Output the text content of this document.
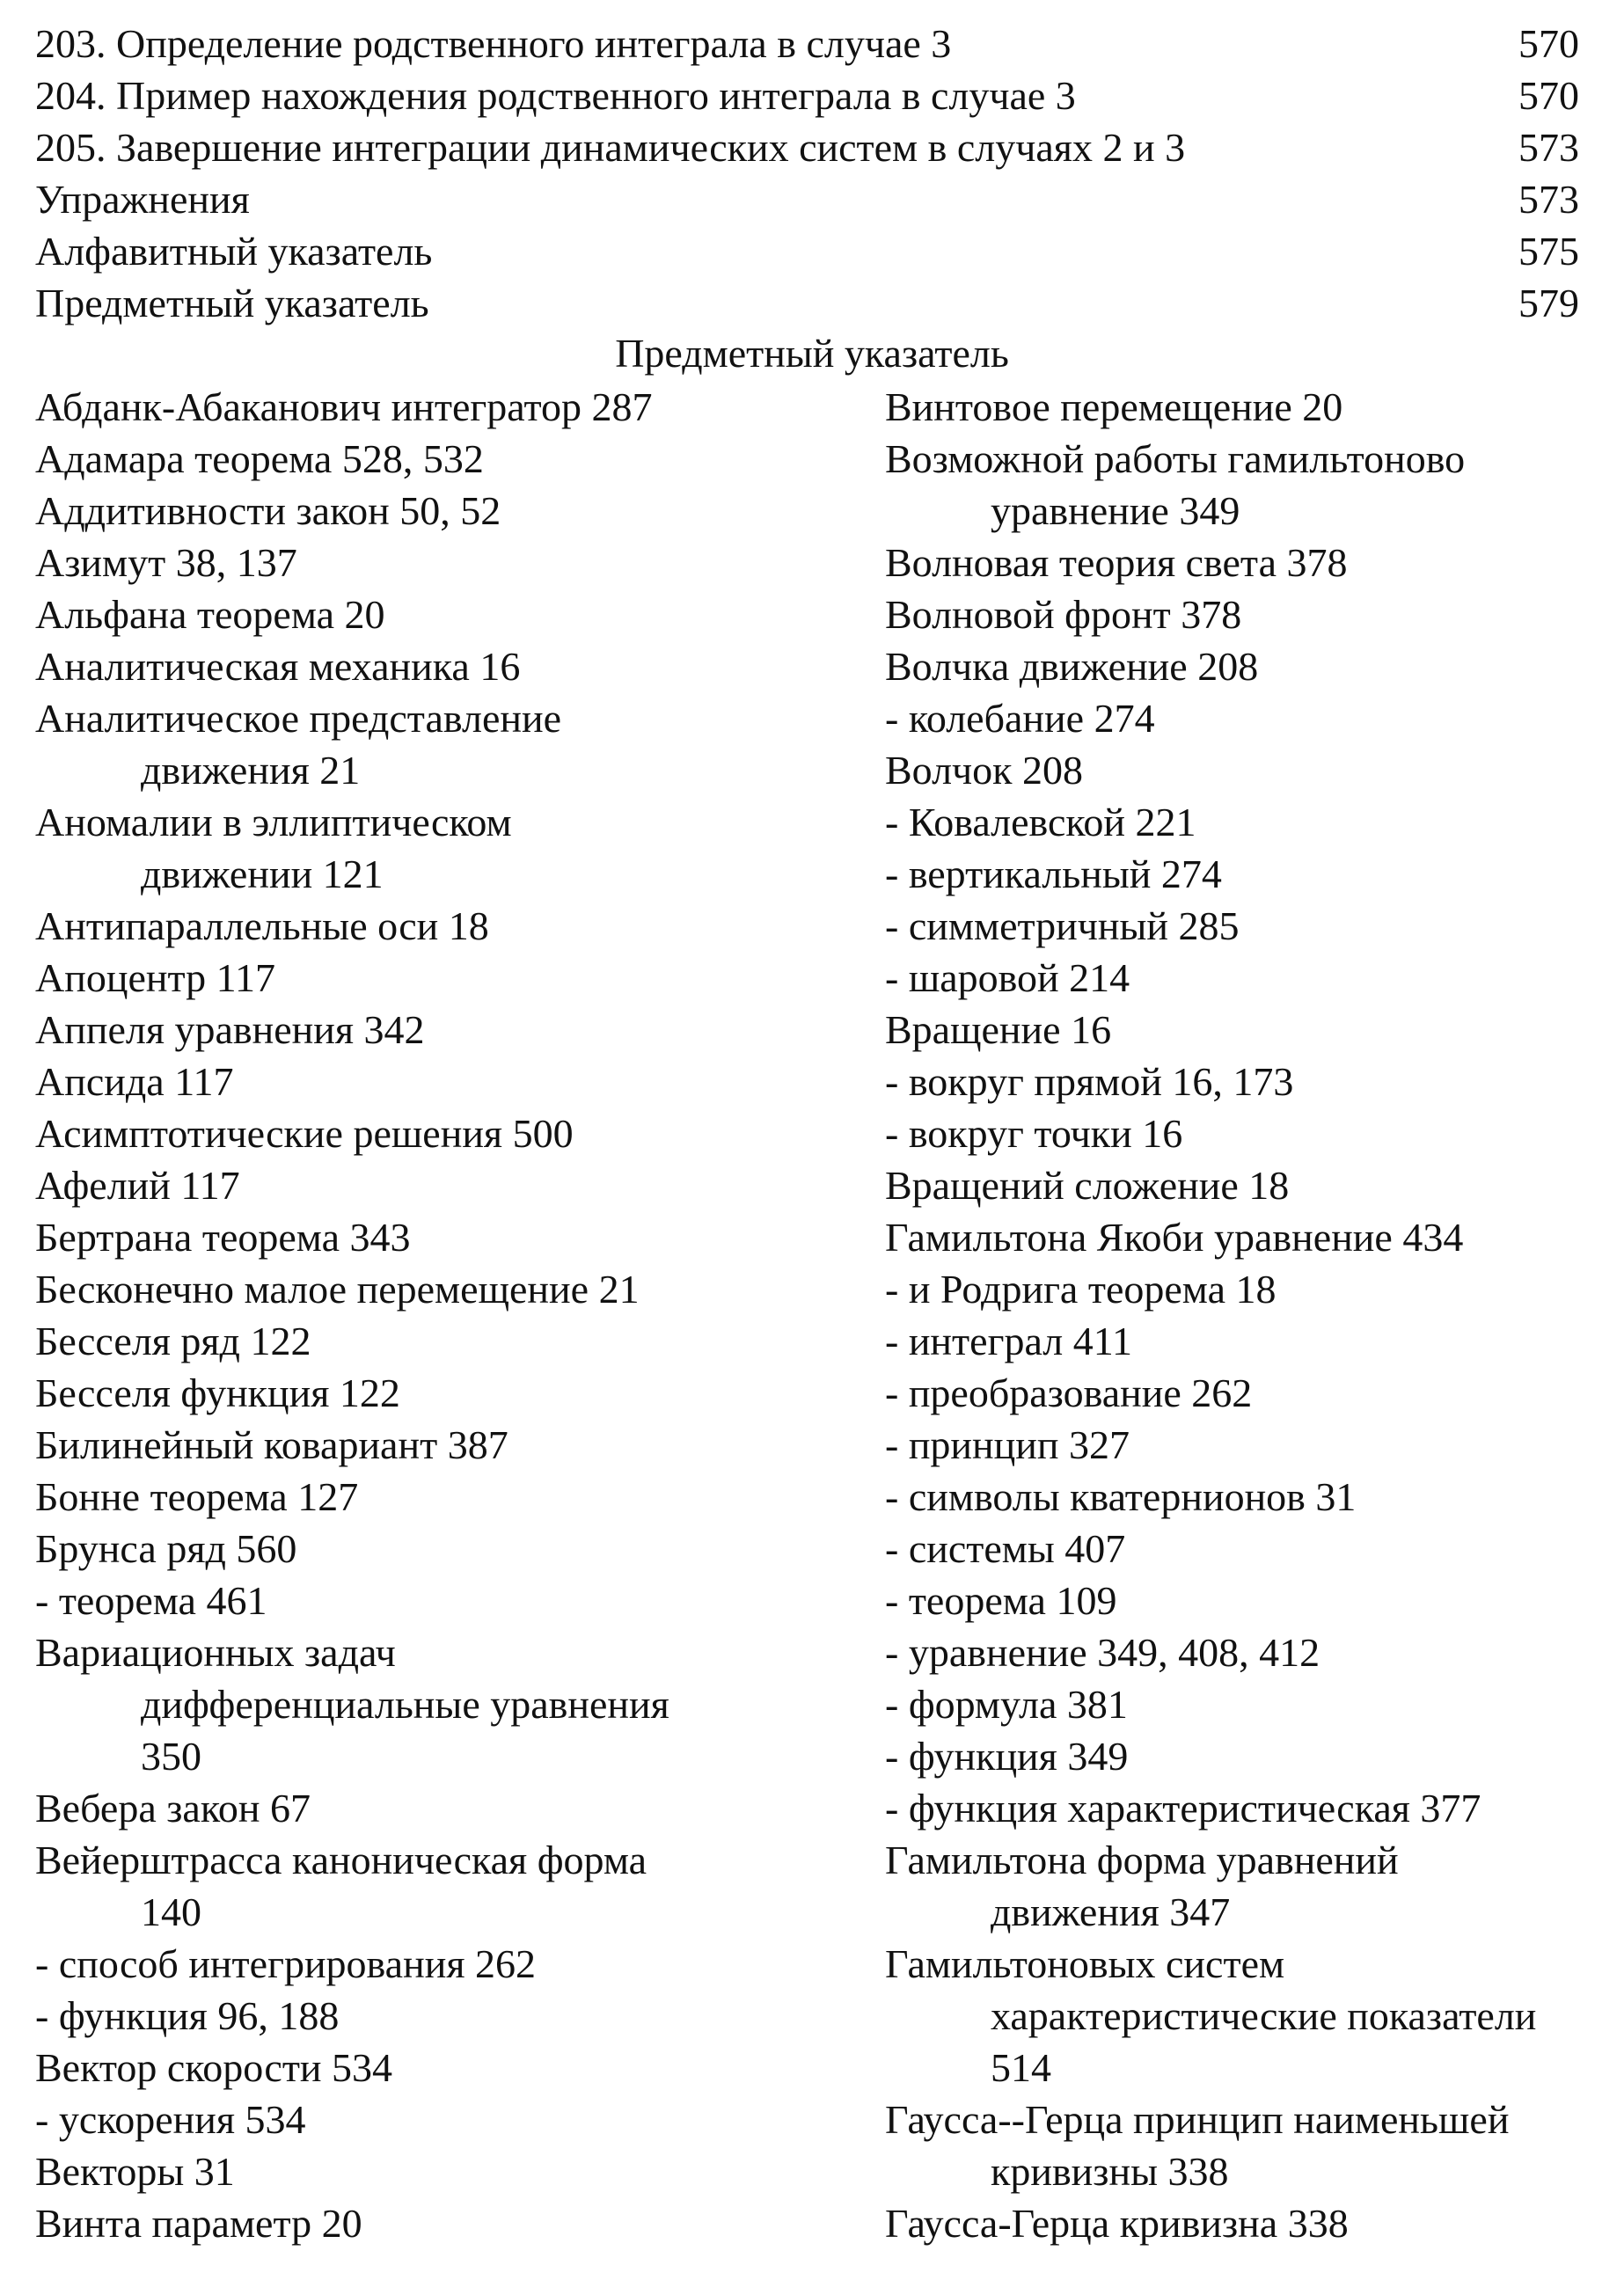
203. Определение родственного интеграла в случае 3	570
204. Пример нахождения родственного интеграла в случае 3	570
205. Завершение интеграции динамических систем в случаях 2 и 3	573
Упражнения	573
Алфавитный указатель	575
Предметный указатель	579
Предметный указатель
Абданк-Абаканович интегратор 287
Адамара теорема 528, 532
Аддитивности закон 50, 52
Азимут 38, 137
Альфана теорема 20
Аналитическая механика 16
Аналитическое представление
движения 21
Аномалии в эллиптическом
движении 121
Антипараллельные оси 18
Апоцентр 117
Аппеля уравнения 342
Апсида 117
Асимптотические решения 500
Афелий 117
Бертрана теорема 343
Бесконечно малое перемещение 21
Бесселя ряд 122
Бесселя функция 122
Билинейный ковариант 387
Бонне теорема 127
Брунса ряд 560
- теорема 461
Вариационных задач
дифференциальные уравнения
350
Вебера закон 67
Вейерштрасса каноническая форма
140
- способ интегрирования 262
- функция 96, 188
Вектор скорости 534
- ускорения 534
Векторы 31
Винта параметр 20
Винтовое перемещение 20
Возможной работы гамильтоново
уравнение 349
Волновая теория света 378
Волновой фронт 378
Волчка движение 208
- колебание 274
Волчок 208
- Ковалевской 221
- вертикальный 274
- симметричный 285
- шаровой 214
Вращение 16
- вокруг прямой 16, 173
- вокруг точки 16
Вращений сложение 18
Гамильтона Якоби уравнение 434
- и Родрига теорема 18
- интеграл 411
- преобразование 262
- принцип 327
- символы кватернионов 31
- системы 407
- теорема 109
- уравнение 349, 408, 412
- формула 381
- функция 349
- функция характеристическая 377
Гамильтона форма уравнений
движения 347
Гамильтоновых систем
характеристические показатели
514
Гаусса--Герца принцип наименьшей
кривизны 338
Гаусса-Герца кривизна 338
